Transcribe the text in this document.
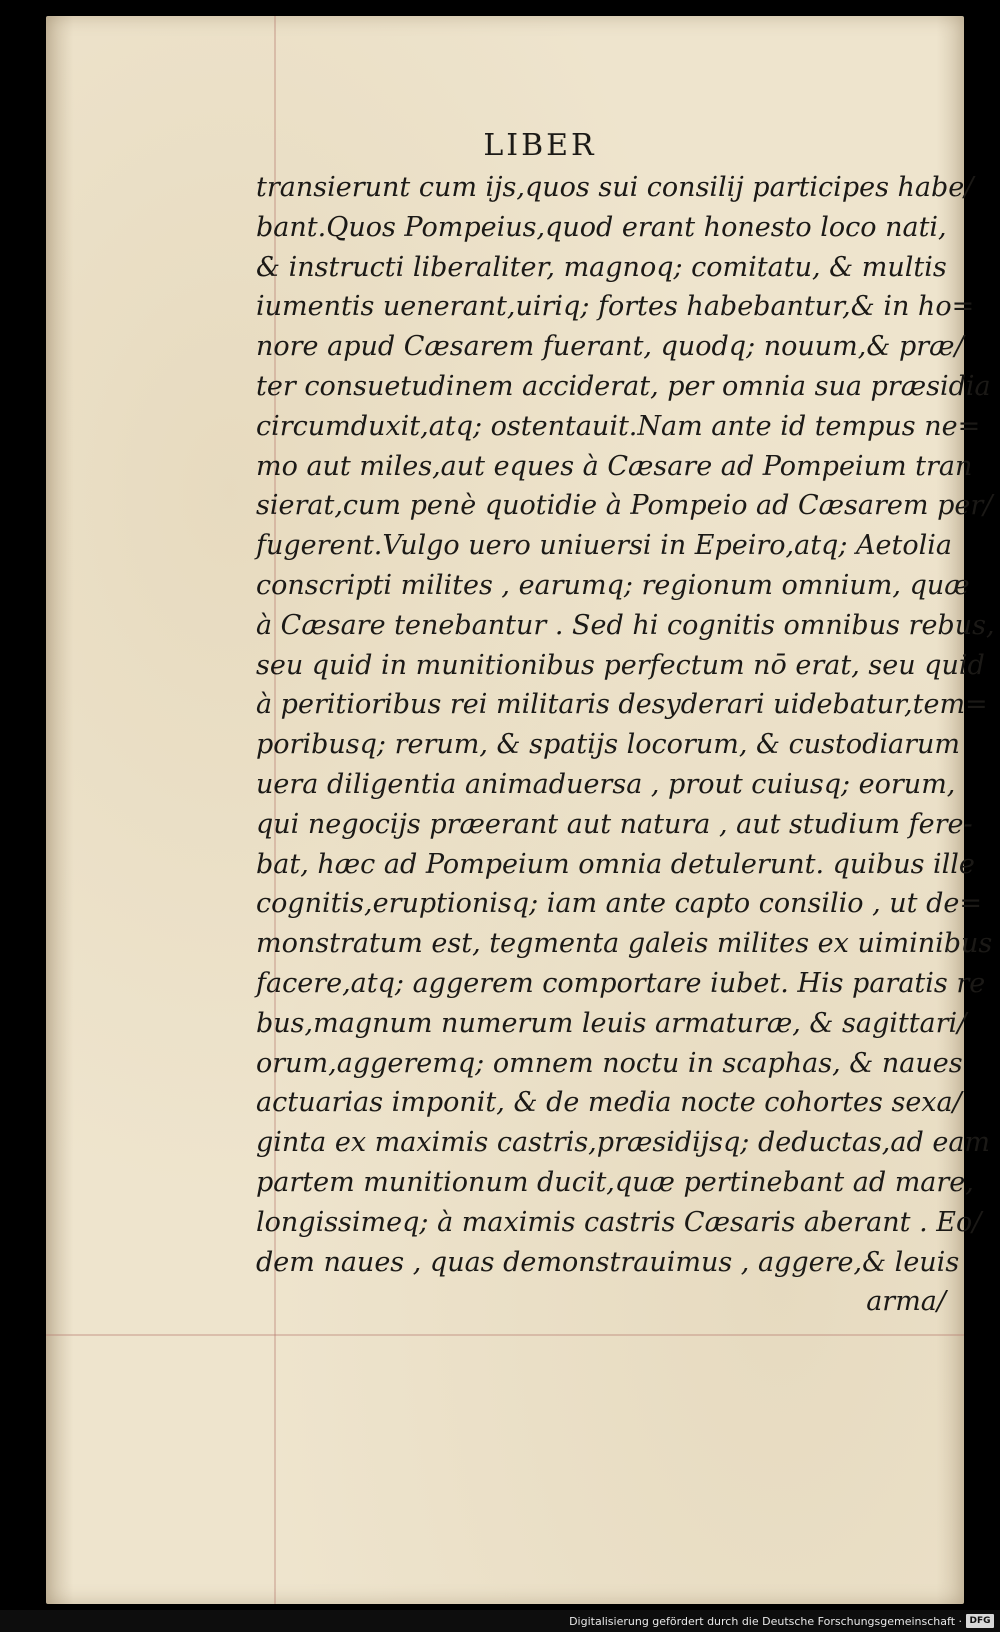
LIBER
transierunt cum ijs,quos sui consilij participes habe/
bant.Quos Pompeius,quod erant honesto loco nati,
& instructi liberaliter, magnoq; comitatu, & multis
iumentis uenerant,uiriq; fortes habebantur,& in ho=
nore apud Cæsarem fuerant, quodq; nouum,& præ/
ter consuetudinem acciderat, per omnia sua præsidia
circumduxit,atq; ostentauit.Nam ante id tempus ne=
mo aut miles,aut eques à Cæsare ad Pompeium tran
sierat,cum penè quotidie à Pompeio ad Cæsarem per/
fugerent.Vulgo uero uniuersi in Epeiro,atq; Aetolia
conscripti milites , earumq; regionum omnium, quæ
à Cæsare tenebantur . Sed hi cognitis omnibus rebus,
seu quid in munitionibus perfectum nō erat, seu quid
à peritioribus rei militaris desyderari uidebatur,tem=
poribusq; rerum, & spatijs locorum, & custodiarum
uera diligentia animaduersa , prout cuiusq; eorum,
qui negocijs præerant aut natura , aut studium fere-
bat, hæc ad Pompeium omnia detulerunt. quibus ille
cognitis,eruptionisq; iam ante capto consilio , ut de=
monstratum est, tegmenta galeis milites ex uiminibus
facere,atq; aggerem comportare iubet. His paratis re
bus,magnum numerum leuis armaturæ, & sagittari/
orum,aggeremq; omnem noctu in scaphas, & naues
actuarias imponit, & de media nocte cohortes sexa/
ginta ex maximis castris,præsidijsq; deductas,ad eam
partem munitionum ducit,quæ pertinebant ad mare,
longissimeq; à maximis castris Cæsaris aberant . Eo/
dem naues , quas demonstrauimus , aggere,& leuis
arma/
Digitalisierung gefördert durch die Deutsche Forschungsgemeinschaft · DFG
